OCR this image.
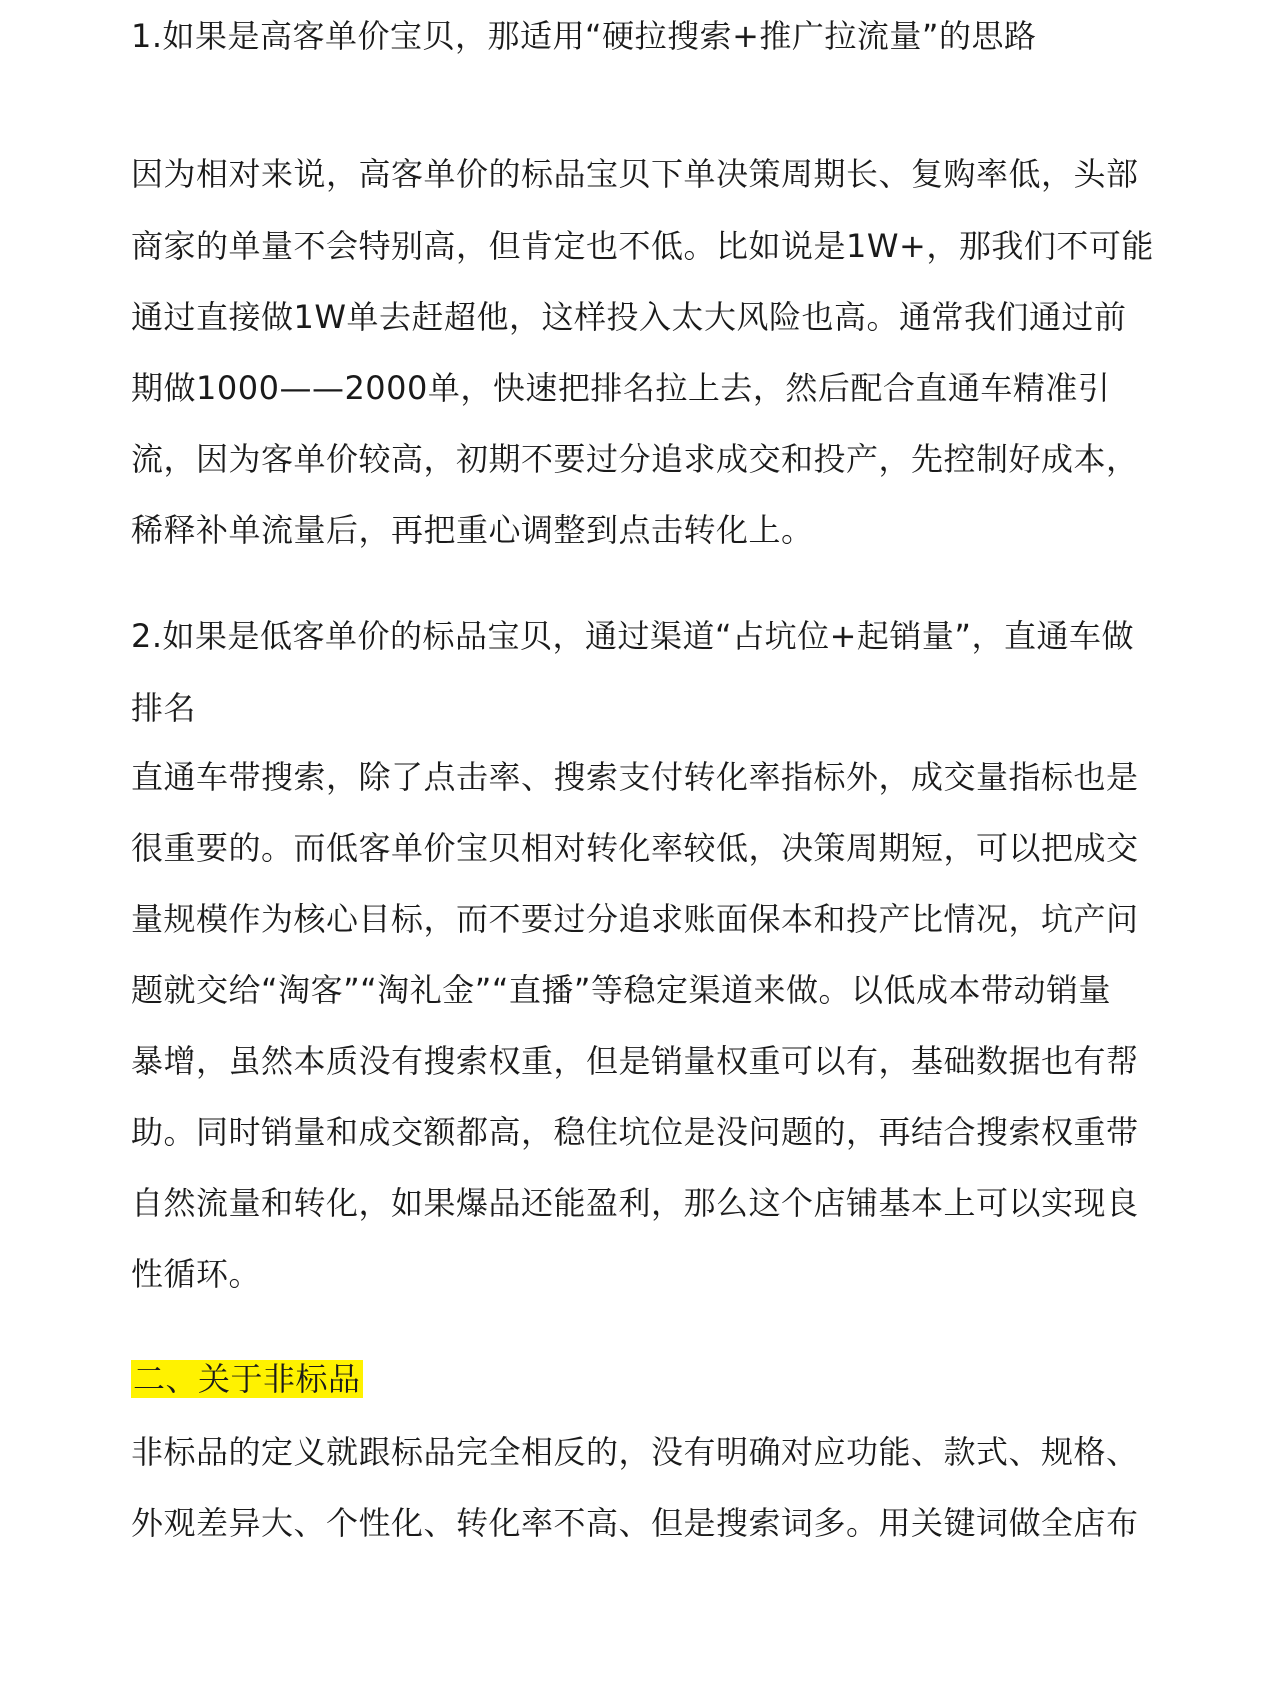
1.如果是高客单价宝贝，那适用“硬拉搜索+推广拉流量”的思路
因为相对来说，高客单价的标品宝贝下单决策周期长、复购率低，头部
商家的单量不会特别高，但肯定也不低。比如说是1W+，那我们不可能
通过直接做1W单去赶超他，这样投入太大风险也高。通常我们通过前
期做1000——2000单，快速把排名拉上去，然后配合直通车精准引
流，因为客单价较高，初期不要过分追求成交和投产，先控制好成本，
稀释补单流量后，再把重心调整到点击转化上。
2.如果是低客单价的标品宝贝，通过渠道“占坑位+起销量”，直通车做
排名
直通车带搜索，除了点击率、搜索支付转化率指标外，成交量指标也是
很重要的。而低客单价宝贝相对转化率较低，决策周期短，可以把成交
量规模作为核心目标，而不要过分追求账面保本和投产比情况，坑产问
题就交给“淘客”“淘礼金”“直播”等稳定渠道来做。以低成本带动销量
暴增，虽然本质没有搜索权重，但是销量权重可以有，基础数据也有帮
助。同时销量和成交额都高，稳住坑位是没问题的，再结合搜索权重带
自然流量和转化，如果爆品还能盈利，那么这个店铺基本上可以实现良
性循环。
二、关于非标品
非标品的定义就跟标品完全相反的，没有明确对应功能、款式、规格、
外观差异大、个性化、转化率不高、但是搜索词多。用关键词做全店布
